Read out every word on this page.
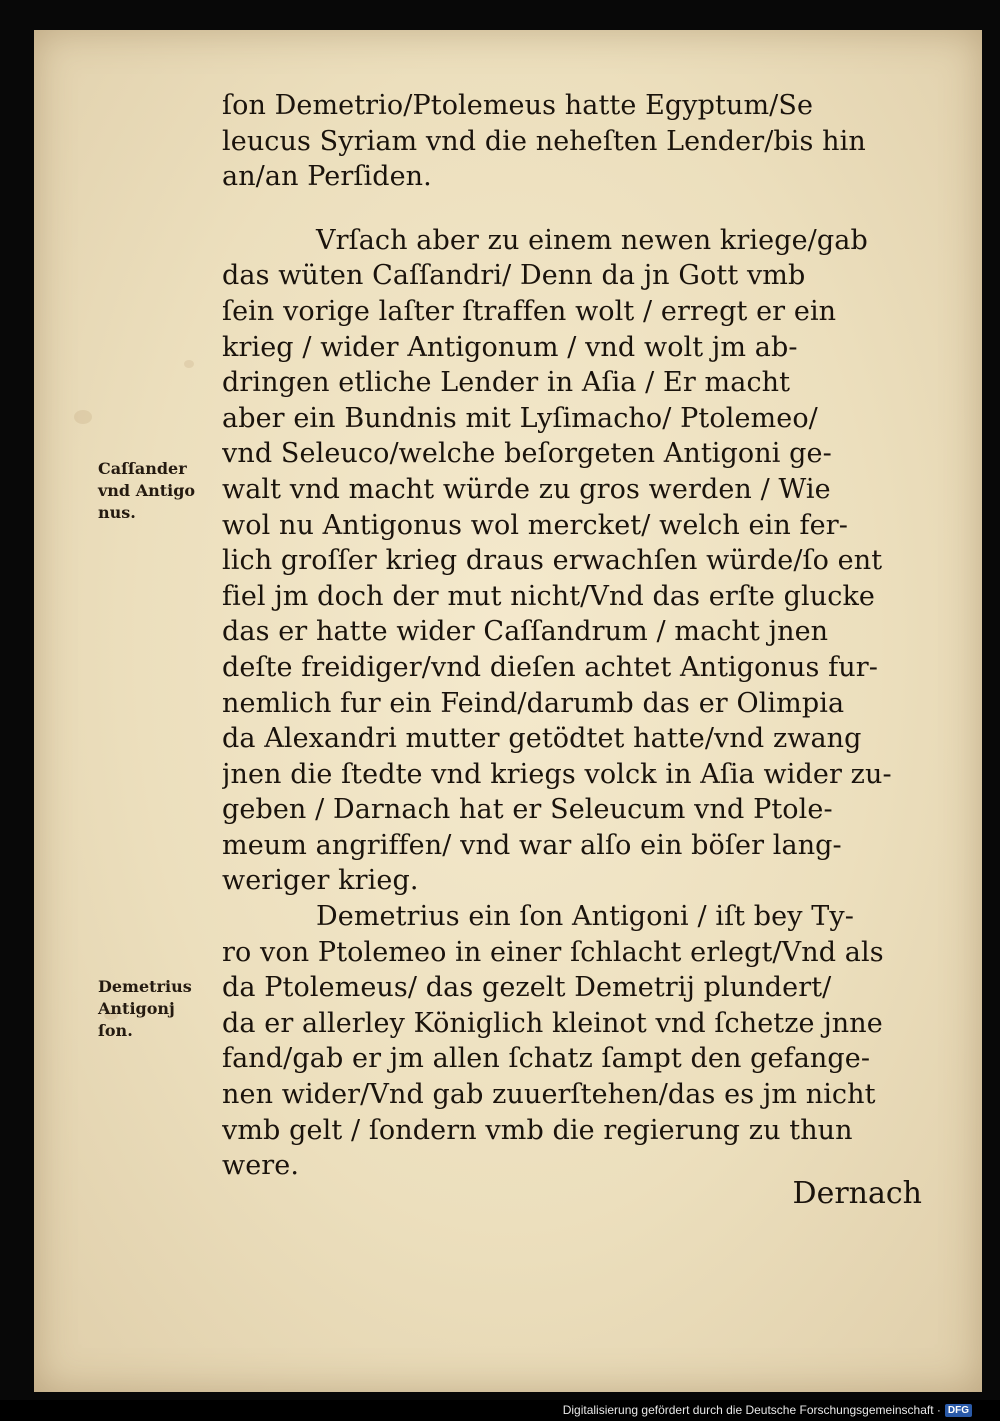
ſon Demetrio/Ptolemeus hatte Egyptum/Se
leucus Syriam vnd die neheſten Lender/bis hin
an/an Perſiden.
Vrſach aber zu einem newen kriege/gab
das wüten Caſſandri/ Denn da jn Gott vmb
ſein vorige laſter ſtraffen wolt / erregt er ein
krieg / wider Antigonum / vnd wolt jm ab-
dringen etliche Lender in Aſia / Er macht
aber ein Bundnis mit Lyſimacho/ Ptolemeo/
vnd Seleuco/welche beſorgeten Antigoni ge-
walt vnd macht würde zu gros werden / Wie
wol nu Antigonus wol mercket/ welch ein fer-
lich groſſer krieg draus erwachſen würde/ſo ent
fiel jm doch der mut nicht/Vnd das erſte glucke
das er hatte wider Caſſandrum / macht jnen
deſte freidiger/vnd dieſen achtet Antigonus fur-
nemlich fur ein Feind/darumb das er Olimpia
da Alexandri mutter getödtet hatte/vnd zwang
jnen die ſtedte vnd kriegs volck in Aſia wider zu-
geben / Darnach hat er Seleucum vnd Ptole-
meum angriffen/ vnd war alſo ein böſer lang-
weriger krieg.
Demetrius ein ſon Antigoni / iſt bey Ty-
ro von Ptolemeo in einer ſchlacht erlegt/Vnd als
da Ptolemeus/ das gezelt Demetrij plundert/
da er allerley Königlich kleinot vnd ſchetze jnne
fand/gab er jm allen ſchatz ſampt den gefange-
nen wider/Vnd gab zuuerſtehen/das es jm nicht
vmb gelt / ſondern vmb die regierung zu thun
were.
Caſſander
vnd Antigo
nus.
Demetrius
Antigonj
ſon.
Dernach
Digitalisierung gefördert durch die Deutsche Forschungsgemeinschaft · DFG
